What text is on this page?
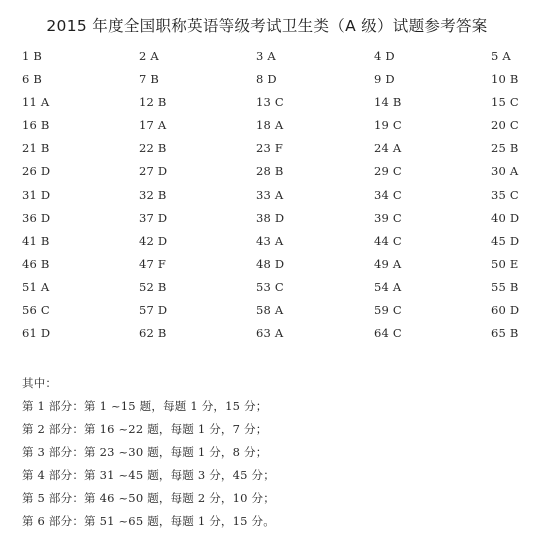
2015 年度全国职称英语等级考试卫生类（A 级）试题参考答案
1 B	2 A	3 A	4 D	5 A
6 B	7 B	8 D	9 D	10 B
11 A	12 B	13 C	14 B	15 C
16 B	17 A	18 A	19 C	20 C
21 B	22 B	23 F	24 A	25 B
26 D	27 D	28 B	29 C	30 A
31 D	32 B	33 A	34 C	35 C
36 D	37 D	38 D	39 C	40 D
41 B	42 D	43 A	44 C	45 D
46 B	47 F	48 D	49 A	50 E
51 A	52 B	53 C	54 A	55 B
56 C	57 D	58 A	59 C	60 D
61 D	62 B	63 A	64 C	65 B
其中：
第 1 部分：第 1 ~15 题，每题 1 分，15 分；
第 2 部分：第 16 ~22 题，每题 1 分，7 分；
第 3 部分：第 23 ~30 题，每题 1 分，8 分；
第 4 部分：第 31 ~45 题，每题 3 分，45 分；
第 5 部分：第 46 ~50 题，每题 2 分，10 分；
第 6 部分：第 51 ~65 题，每题 1 分，15 分。
